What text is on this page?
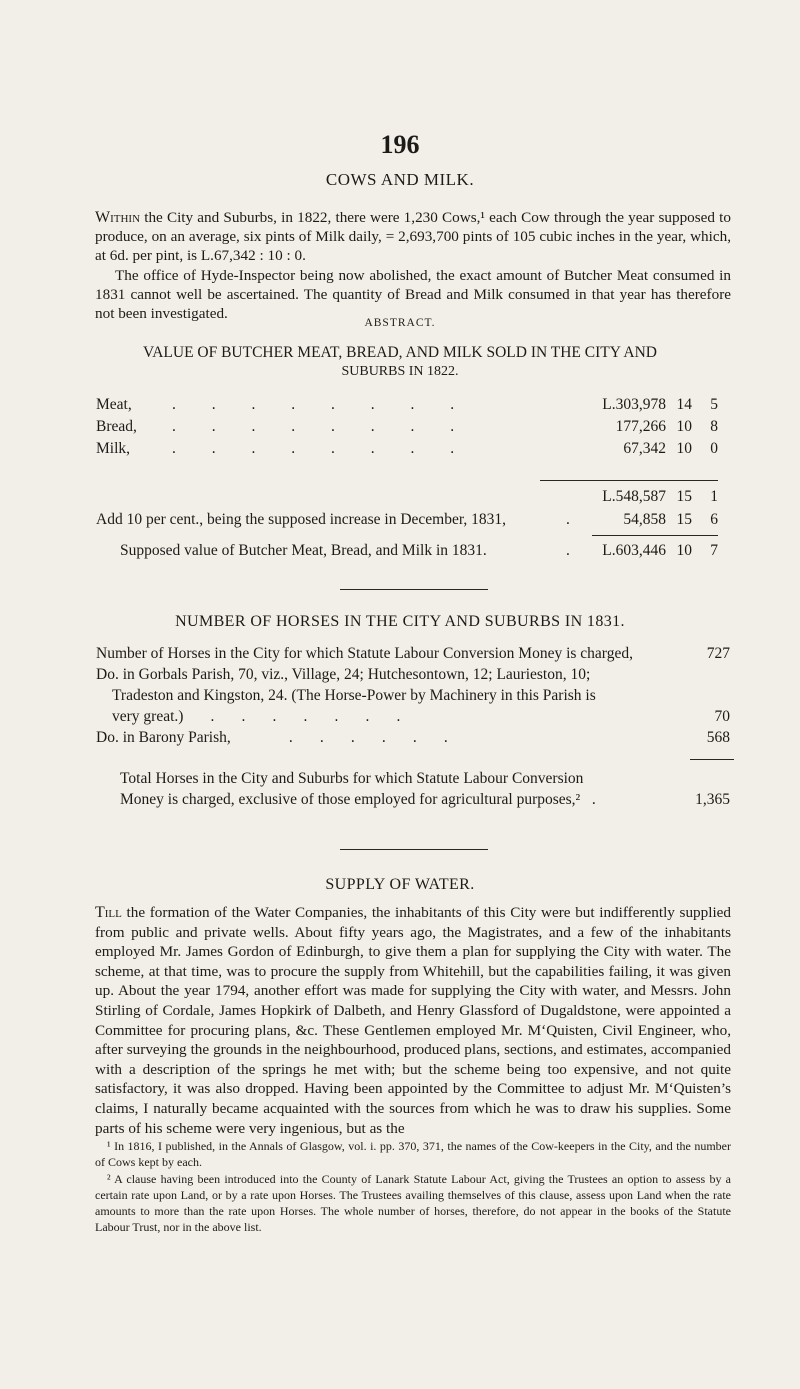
196
COWS AND MILK.

Within the City and Suburbs, in 1822, there were 1,230 Cows,¹ each Cow through the year supposed to produce, on an average, six pints of Milk daily, = 2,693,700 pints of 105 cubic inches in the year, which, at 6d. per pint, is L.67,342 : 10 : 0.

The office of Hyde-Inspector being now abolished, the exact amount of Butcher Meat consumed in 1831 cannot well be ascertained. The quantity of Bread and Milk consumed in that year has therefore not been investigated.

ABSTRACT.
VALUE OF BUTCHER MEAT, BREAD, AND MILK SOLD IN THE CITY AND
SUBURBS IN 1822.
Meat,	. . . . . . . .	L.303,978 14	5
Bread, . . . . . . . .	177,266 10	8
Milk,	. . . . . . . .	67,342 10	0
L.548,587 15	1
Add 10 per cent., being the supposed increase in December, 1831,	.	54,858 15	6
Supposed value of Butcher Meat, Bread, and Milk in 1831.	.	L.603,446 10	7
NUMBER OF HORSES IN THE CITY AND SUBURBS IN 1831.
Number of Horses in the City for which Statute Labour Conversion Money is charged,	727
Do. in Gorbals Parish, 70, viz., Village, 24; Hutchesontown, 12; Laurieston, 10;
Tradeston and Kingston, 24. (The Horse-Power by Machinery in this Parish is
very great.)       .       .       .       .       .       .       .	70
Do. in Barony Parish,               .       .       .       .       .       .	568
Total Horses in the City and Suburbs for which Statute Labour Conversion
Money is charged, exclusive of those employed for agricultural purposes,²   .	1,365
SUPPLY OF WATER.

Till the formation of the Water Companies, the inhabitants of this City were but indifferently supplied from public and private wells. About fifty years ago, the Magistrates, and a few of the inhabitants employed Mr. James Gordon of Edinburgh, to give them a plan for supplying the City with water. The scheme, at that time, was to procure the supply from Whitehill, but the capabilities failing, it was given up. About the year 1794, another effort was made for supplying the City with water, and Messrs. John Stirling of Cordale, James Hopkirk of Dalbeth, and Henry Glassford of Dugaldstone, were appointed a Committee for procuring plans, &c. These Gentlemen employed Mr. M‘Quisten, Civil Engineer, who, after surveying the grounds in the neighbourhood, produced plans, sections, and estimates, accompanied with a description of the springs he met with; but the scheme being too expensive, and not quite satisfactory, it was also dropped. Having been appointed by the Committee to adjust Mr. M‘Quisten’s claims, I naturally became acquainted with the sources from which he was to draw his supplies. Some parts of his scheme were very ingenious, but as the

¹ In 1816, I published, in the Annals of Glasgow, vol. i. pp. 370, 371, the names of the Cow-keepers in the City, and the number of Cows kept by each.

² A clause having been introduced into the County of Lanark Statute Labour Act, giving the Trustees an option to assess by a certain rate upon Land, or by a rate upon Horses. The Trustees availing themselves of this clause, assess upon Land when the rate amounts to more than the rate upon Horses. The whole number of horses, therefore, do not appear in the books of the Statute Labour Trust, nor in the above list.
